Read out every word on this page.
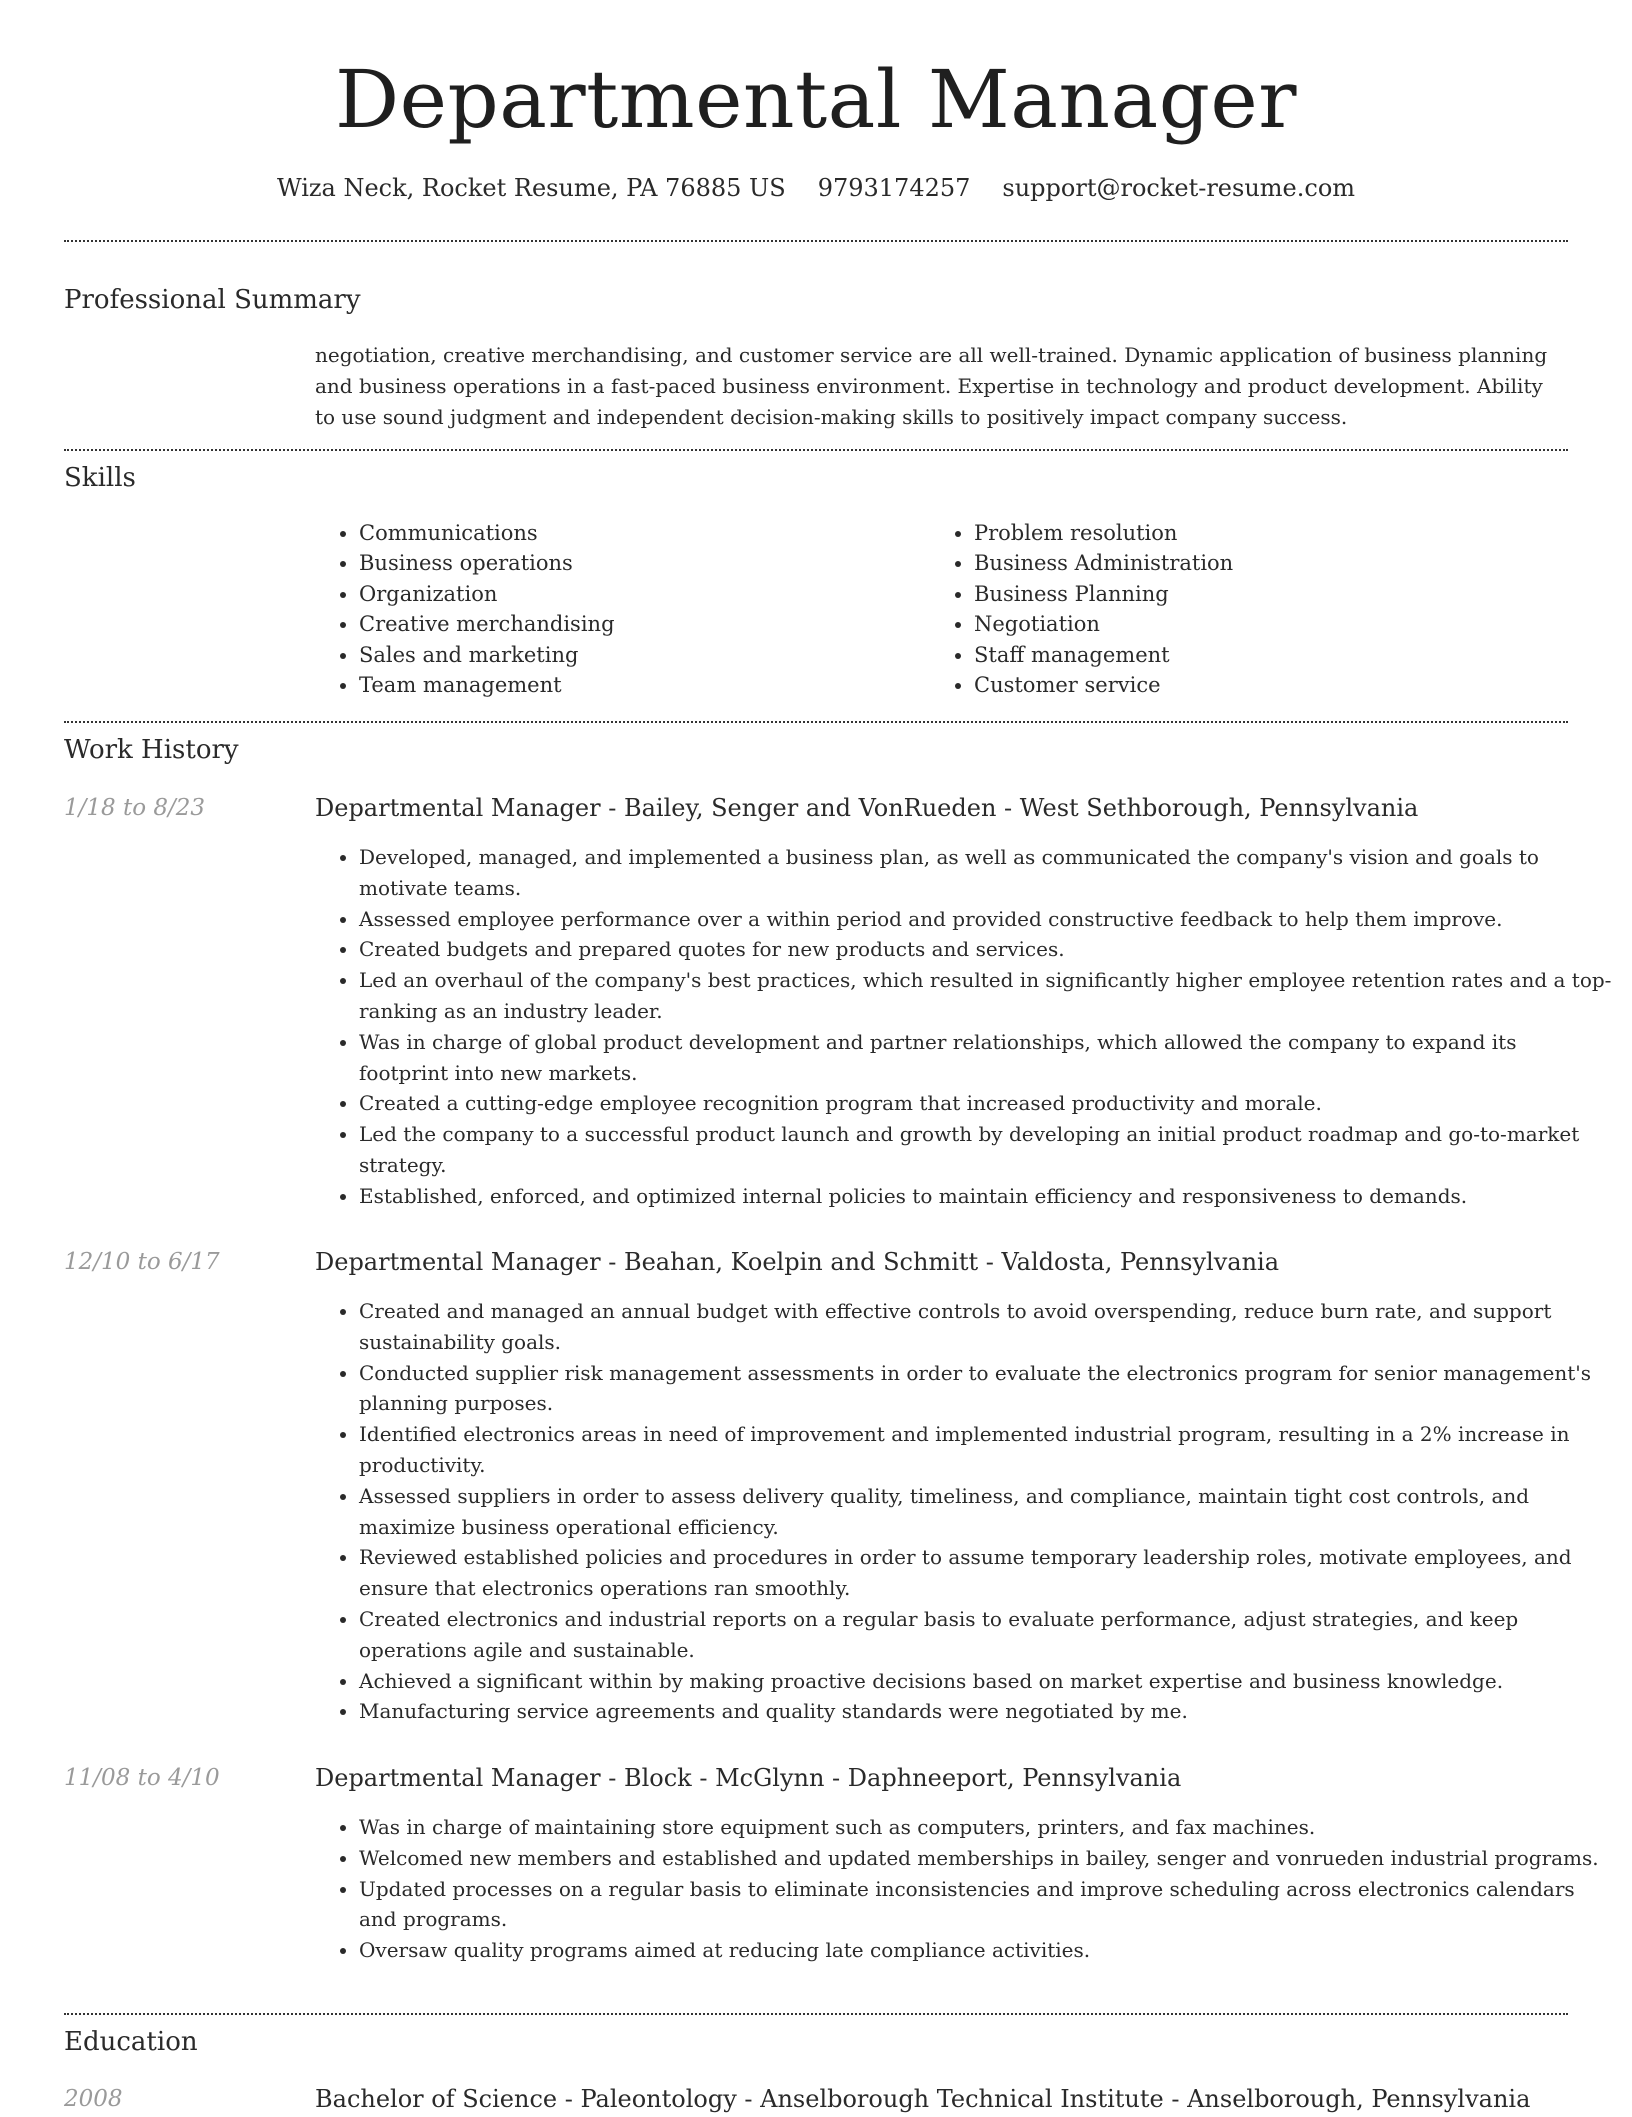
Departmental Manager
Wiza Neck, Rocket Resume, PA 76885 US 9793174257 support@rocket-resume.com
Professional Summary
negotiation, creative merchandising, and customer service are all well-trained. Dynamic application of business planning and business operations in a fast-paced business environment. Expertise in technology and product development. Ability to use sound judgment and independent decision-making skills to positively impact company success.
Skills
• Communications
• Business operations
• Organization
• Creative merchandising
• Sales and marketing
• Team management
• Problem resolution
• Business Administration
• Business Planning
• Negotiation
• Staff management
• Customer service
Work History
1/18 to 8/23	Departmental Manager - Bailey, Senger and VonRueden - West Sethborough, Pennsylvania
• Developed, managed, and implemented a business plan, as well as communicated the company's vision and goals to motivate teams.
• Assessed employee performance over a within period and provided constructive feedback to help them improve.
• Created budgets and prepared quotes for new products and services.
• Led an overhaul of the company's best practices, which resulted in significantly higher employee retention rates and a top-ranking as an industry leader.
• Was in charge of global product development and partner relationships, which allowed the company to expand its footprint into new markets.
• Created a cutting-edge employee recognition program that increased productivity and morale.
• Led the company to a successful product launch and growth by developing an initial product roadmap and go-to-market strategy.
• Established, enforced, and optimized internal policies to maintain efficiency and responsiveness to demands.
12/10 to 6/17	Departmental Manager - Beahan, Koelpin and Schmitt - Valdosta, Pennsylvania
• Created and managed an annual budget with effective controls to avoid overspending, reduce burn rate, and support sustainability goals.
• Conducted supplier risk management assessments in order to evaluate the electronics program for senior management's planning purposes.
• Identified electronics areas in need of improvement and implemented industrial program, resulting in a 2% increase in productivity.
• Assessed suppliers in order to assess delivery quality, timeliness, and compliance, maintain tight cost controls, and maximize business operational efficiency.
• Reviewed established policies and procedures in order to assume temporary leadership roles, motivate employees, and ensure that electronics operations ran smoothly.
• Created electronics and industrial reports on a regular basis to evaluate performance, adjust strategies, and keep operations agile and sustainable.
• Achieved a significant within by making proactive decisions based on market expertise and business knowledge.
• Manufacturing service agreements and quality standards were negotiated by me.
11/08 to 4/10	Departmental Manager - Block - McGlynn - Daphneeport, Pennsylvania
• Was in charge of maintaining store equipment such as computers, printers, and fax machines.
• Welcomed new members and established and updated memberships in bailey, senger and vonrueden industrial programs.
• Updated processes on a regular basis to eliminate inconsistencies and improve scheduling across electronics calendars and programs.
• Oversaw quality programs aimed at reducing late compliance activities.
Education
2008	Bachelor of Science - Paleontology - Anselborough Technical Institute - Anselborough, Pennsylvania
